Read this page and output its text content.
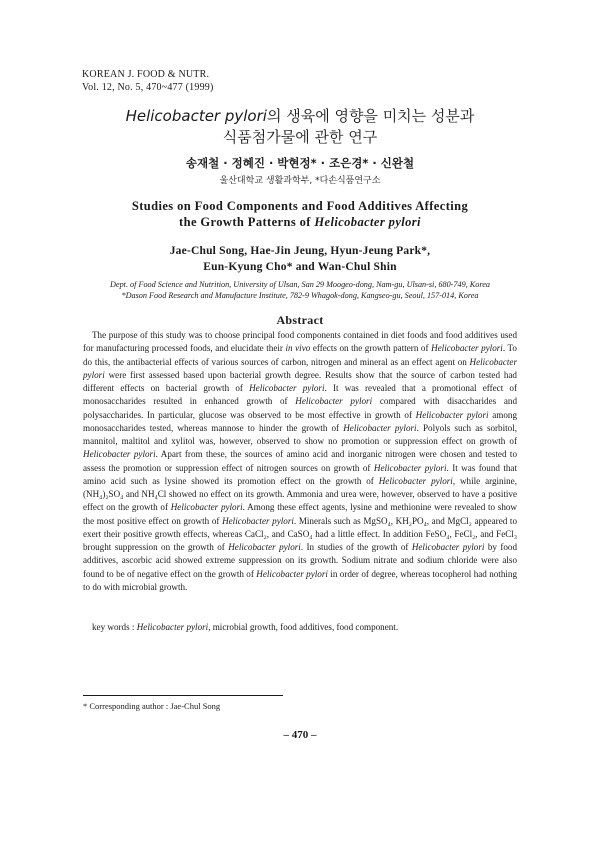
KOREAN J. FOOD & NUTR.
Vol. 12, No. 5, 470~477 (1999)
Helicobacter pylori의 생육에 영향을 미치는 성분과
식품첨가물에 관한 연구
송재철 · 정혜진 · 박현정* · 조은경* · 신완철
울산대학교 생활과학부, *다손식품연구소
Studies on Food Components and Food Additives Affecting
the Growth Patterns of Helicobacter pylori
Jae-Chul Song, Hae-Jin Jeung, Hyun-Jeung Park*,
Eun-Kyung Cho* and Wan-Chul Shin
Dept. of Food Science and Nutrition, University of Ulsan, San 29 Moogeo-dong, Nam-gu, Ulsan-si, 680-749, Korea
*Dason Food Research and Manufacture Institute, 782-9 Whagok-dong, Kangseo-gu, Seoul, 157-014, Korea
Abstract

The purpose of this study was to choose principal food components contained in diet foods and food additives used for manufacturing processed foods, and elucidate their in vivo effects on the growth pattern of Helicobacter pylori. To do this, the antibacterial effects of various sources of carbon, nitrogen and mineral as an effect agent on Helicobacter pylori were first assessed based upon bacterial growth degree. Results show that the source of carbon tested had different effects on bacterial growth of Helicobacter pylori. It was revealed that a promotional effect of monosaccharides resulted in enhanced growth of Helicobacter pylori compared with disaccharides and polysaccharides. In particular, glucose was observed to be most effective in growth of Helicobacter pylori among monosaccharides tested, whereas mannose to hinder the growth of Helicobacter pylori. Polyols such as sorbitol, mannitol, maltitol and xylitol was, however, observed to show no promotion or suppression effect on growth of Helicobacter pylori. Apart from these, the sources of amino acid and inorganic nitrogen were chosen and tested to assess the promotion or suppression effect of nitrogen sources on growth of Helicobacter pylori. It was found that amino acid such as lysine showed its promotion effect on the growth of Helicobacter pylori, while arginine, (NH₄)₂SO₄ and NH₄Cl showed no effect on its growth. Ammonia and urea were, however, observed to have a positive effect on the growth of Helicobacter pylori. Among these effect agents, lysine and methionine were revealed to show the most positive effect on growth of Helicobacter pylori. Minerals such as MgSO₄, KH₂PO₄, and MgCl₂ appeared to exert their positive growth effects, whereas CaCl₂, and CaSO₄ had a little effect. In addition FeSO₄, FeCl₂, and FeCl₃ brought suppression on the growth of Helicobacter pylori. In studies of the growth of Helicobacter pylori by food additives, ascorbic acid showed extreme suppression on its growth. Sodium nitrate and sodium chloride were also found to be of negative effect on the growth of Helicobacter pylori in order of degree, whereas tocopherol had nothing to do with microbial growth.

key words : Helicobacter pylori, microbial growth, food additives, food component.
* Corresponding author : Jae-Chul Song
– 470 –
